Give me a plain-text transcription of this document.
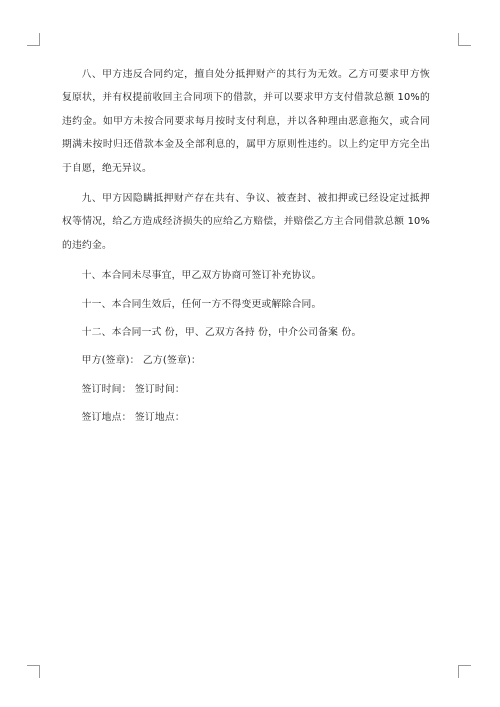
八、甲方违反合同约定，擅自处分抵押财产的其行为无效。乙方可要求甲方恢复原状，并有权提前收回主合同项下的借款，并可以要求甲方支付借款总额 10%的违约金。如甲方未按合同要求每月按时支付利息，并以各种理由恶意拖欠，或合同期满未按时归还借款本金及全部利息的，属甲方原则性违约。以上约定甲方完全出于自愿，绝无异议。

九、甲方因隐瞒抵押财产存在共有、争议、被查封、被扣押或已经设定过抵押权等情况，给乙方造成经济损失的应给乙方赔偿，并赔偿乙方主合同借款总额 10%的违约金。

十、本合同未尽事宜，甲乙双方协商可签订补充协议。

十一、本合同生效后，任何一方不得变更或解除合同。

十二、本合同一式 份，甲、乙双方各持 份，中介公司备案 份。

甲方(签章)： 乙方(签章)：

签订时间： 签订时间：

签订地点： 签订地点：
